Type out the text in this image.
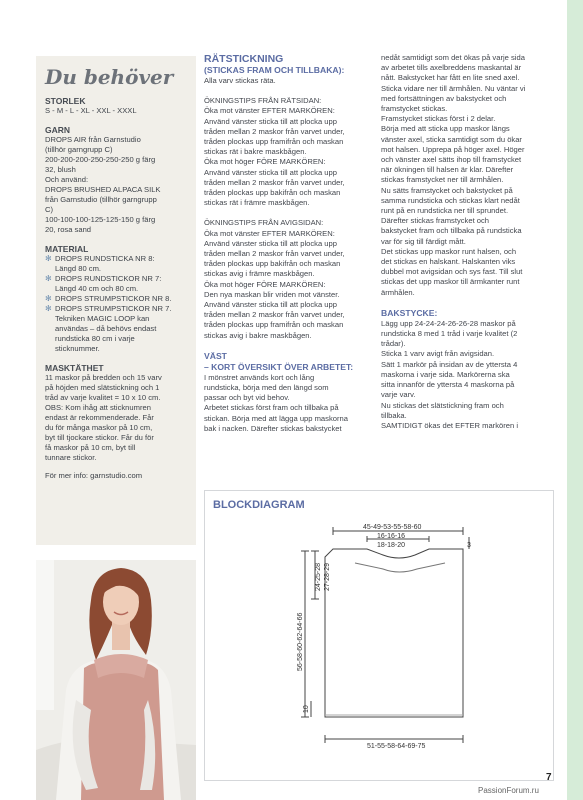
Du behöver
STORLEK
S - M - L - XL - XXL - XXXL
GARN
DROPS AIR från Garnstudio
(tillhör garngrupp C)
200-200-200-250-250-250 g färg
32, blush
Och använd:
DROPS BRUSHED ALPACA SILK
från Garnstudio (tillhör garngrupp
C)
100-100-100-125-125-150 g färg
20, rosa sand
MATERIAL
✻ DROPS RUNDSTICKA NR 8:
Längd 80 cm.
✻ DROPS RUNDSTICKOR NR 7:
Längd 40 cm och 80 cm.
✻ DROPS STRUMPSTICKOR NR 8.
✻ DROPS STRUMPSTICKOR NR 7.
Tekniken MAGIC LOOP kan
användas – då behövs endast
rundsticka 80 cm i varje
sticknummer.
MASKTÄTHET
11 maskor på bredden och 15 varv
på höjden med slätstickning och 1
tråd av varje kvalitet = 10 x 10 cm.
OBS: Kom ihåg att sticknumren
endast är rekommenderade. Får
du för många maskor på 10 cm,
byt till tjockare stickor. Får du för
få maskor på 10 cm, byt till
tunnare stickor.
För mer info: garnstudio.com
RÄTSTICKNING
(STICKAS FRAM OCH TILLBAKA):

Alla varv stickas räta.

ÖKNINGSTIPS FRÅN RÄTSIDAN:
Öka mot vänster EFTER MARKÖREN:
Använd vänster sticka till att plocka upp
tråden mellan 2 maskor från varvet under,
tråden plockas upp framifrån och maskan
stickas rät i bakre maskbågen.
Öka mot höger FÖRE MARKÖREN:
Använd vänster sticka till att plocka upp
tråden mellan 2 maskor från varvet under,
tråden plockas upp bakifrån och maskan
stickas rät i främre maskbågen.
ÖKNINGSTIPS FRÅN AVIGSIDAN:
Öka mot vänster EFTER MARKÖREN:
Använd vänster sticka till att plocka upp
tråden mellan 2 maskor från varvet under,
tråden plockas upp bakifrån och maskan
stickas avig i främre maskbågen.
Öka mot höger FÖRE MARKÖREN:
Den nya maskan blir vriden mot vänster.
Använd vänster sticka till att plocka upp
tråden mellan 2 maskor från varvet under,
tråden plockas upp framifrån och maskan
stickas avig i bakre maskbågen.
VÄST
– KORT ÖVERSIKT ÖVER ARBETET:
I mönstret används kort och lång
rundsticka, börja med den längd som
passar och byt vid behov.
Arbetet stickas först fram och tillbaka på
stickan. Börja med att lägga upp maskorna
bak i nacken. Därefter stickas bakstycket
nedåt samtidigt som det ökas på varje sida
av arbetet tills axelbreddens maskantal är
nått. Bakstycket har fått en lite sned axel.
Sticka vidare ner till ärmhålen. Nu väntar vi
med fortsättningen av bakstycket och
framstycket stickas.
Framstycket stickas först i 2 delar.
Börja med att sticka upp maskor längs
vänster axel, sticka samtidigt som du ökar
mot halsen. Upprepa på höger axel. Höger
och vänster axel sätts ihop till framstycket
när ökningen till halsen är klar. Därefter
stickas framstycket ner till ärmhålen.
Nu sätts framstycket och bakstycket på
samma rundsticka och stickas klart nedåt
runt på en rundsticka ner till sprundet.
Därefter stickas framstycket och
bakstycket fram och tillbaka på rundsticka
var för sig till färdigt mått.
Det stickas upp maskor runt halsen, och
det stickas en halskant. Halskanten viks
dubbel mot avigsidan och sys fast. Till slut
stickas det upp maskor till ärmkanter runt
ärmhålen.
BAKSTYCKE:
Lägg upp 24-24-24-26-26-28 maskor på
rundsticka 8 med 1 tråd i varje kvalitet (2
trådar).
Sticka 1 varv avigt från avigsidan.
Sätt 1 markör på insidan av de yttersta 4
maskorna i varje sida. Markörerna ska
sitta innanför de yttersta 4 maskorna på
varje varv.
Nu stickas det slätstickning fram och
tillbaka.
SAMTIDIGT ökas det EFTER markören i
BLOCKDIAGRAM
45-49-53-55-58-60
16-16-16
18-18-20	3
24-25-28 27-28-29
56-58-60-62-64-66
10
51-55-58-64-69-75
7
PassionForum.ru
